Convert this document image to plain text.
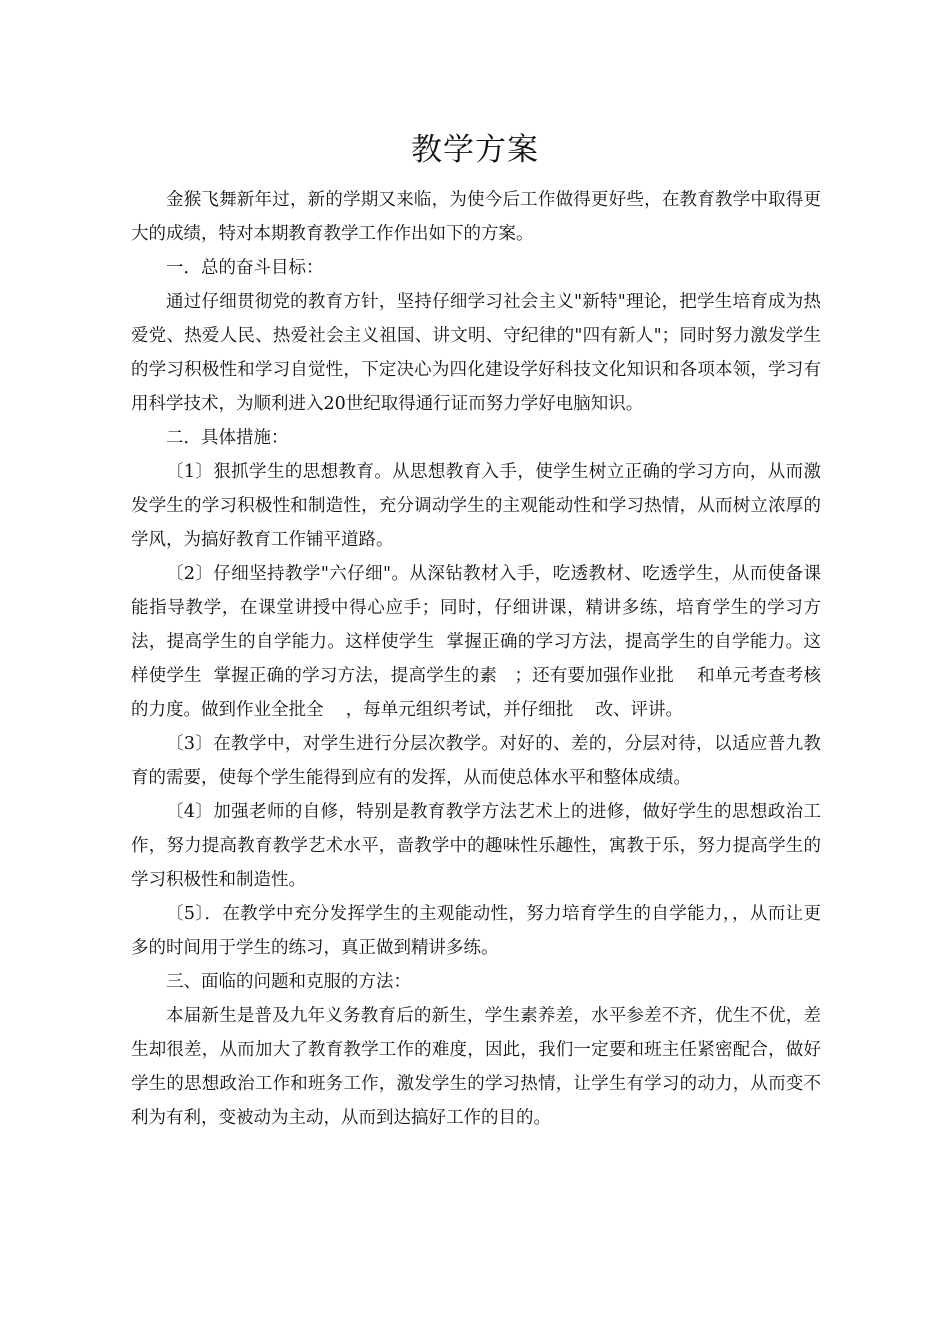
教学方案

金猴飞舞新年过，新的学期又来临，为使今后工作做得更好些，在教育教学中取得更大的成绩，特对本期教育教学工作作出如下的方案。

一．总的奋斗目标：

通过仔细贯彻党的教育方针，坚持仔细学习社会主义"新特"理论，把学生培育成为热爱党、热爱人民、热爱社会主义祖国、讲文明、守纪律的"四有新人"；同时努力激发学生的学习积极性和学习自觉性，下定决心为四化建设学好科技文化知识和各项本领，学习有用科学技术，为顺利进入20世纪取得通行证而努力学好电脑知识。

二．具体措施：

〔1〕狠抓学生的思想教育。从思想教育入手，使学生树立正确的学习方向，从而激发学生的学习积极性和制造性，充分调动学生的主观能动性和学习热情，从而树立浓厚的学风，为搞好教育工作铺平道路。

〔2〕仔细坚持教学"六仔细"。从深钻教材入手，吃透教材、吃透学生，从而使备课能指导教学，在课堂讲授中得心应手；同时，仔细讲课，精讲多练，培育学生的学习方法，提高学生的自学能力。这样使学生  掌握正确的学习方法，提高学生的自学能力。这样使学生  掌握正确的学习方法，提高学生的素   ；还有要加强作业批    和单元考查考核的力度。做到作业全批全    ，每单元组织考试，并仔细批    改、评讲。

〔3〕在教学中，对学生进行分层次教学。对好的、差的，分层对待，以适应普九教育的需要，使每个学生能得到应有的发挥，从而使总体水平和整体成绩。

〔4〕加强老师的自修，特别是教育教学方法艺术上的进修，做好学生的思想政治工作，努力提高教育教学艺术水平，啬教学中的趣味性乐趣性，寓教于乐，努力提高学生的学习积极性和制造性。

〔5〕．在教学中充分发挥学生的主观能动性，努力培育学生的自学能力，，从而让更多的时间用于学生的练习，真正做到精讲多练。

三、面临的问题和克服的方法：

本届新生是普及九年义务教育后的新生，学生素养差，水平参差不齐，优生不优，差生却很差，从而加大了教育教学工作的难度，因此，我们一定要和班主任紧密配合，做好学生的思想政治工作和班务工作，激发学生的学习热情，让学生有学习的动力，从而变不利为有利，变被动为主动，从而到达搞好工作的目的。
